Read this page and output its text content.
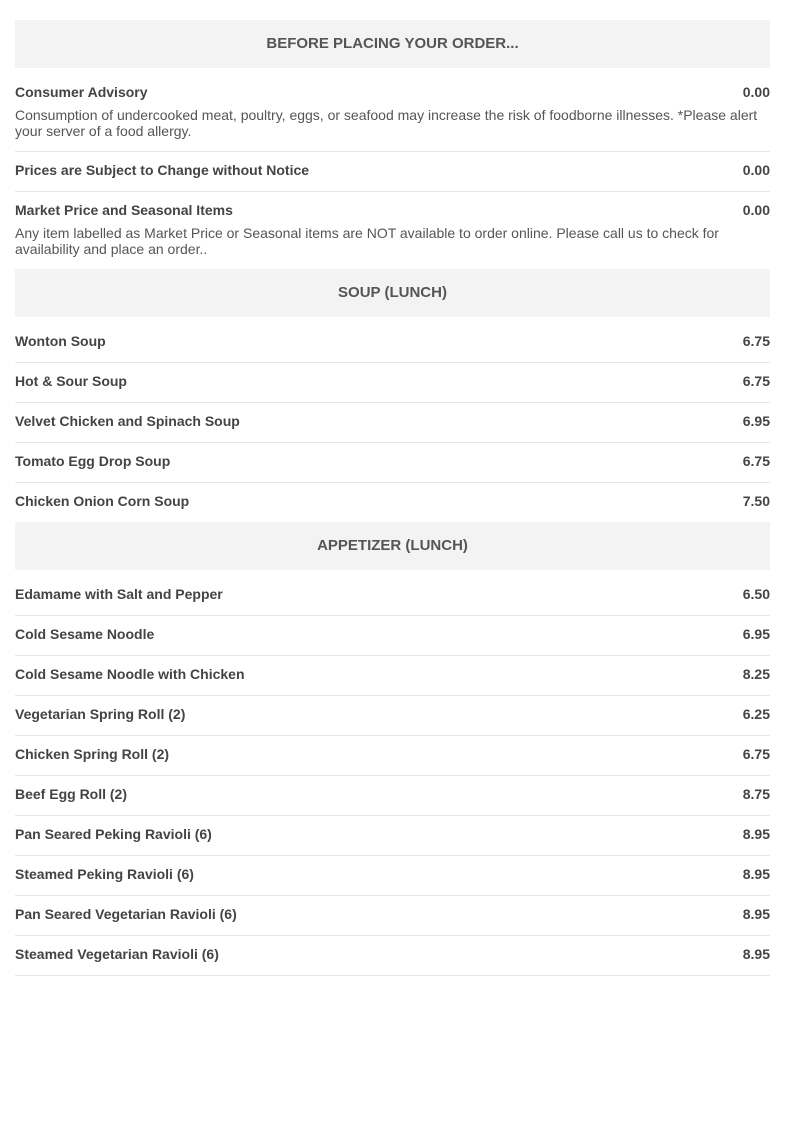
BEFORE PLACING YOUR ORDER...
Consumer Advisory	0.00
Consumption of undercooked meat, poultry, eggs, or seafood may increase the risk of foodborne illnesses. *Please alert your server of a food allergy.
Prices are Subject to Change without Notice	0.00
Market Price and Seasonal Items	0.00
Any item labelled as Market Price or Seasonal items are NOT available to order online. Please call us to check for availability and place an order..
SOUP (LUNCH)
Wonton Soup	6.75
Hot & Sour Soup	6.75
Velvet Chicken and Spinach Soup	6.95
Tomato Egg Drop Soup	6.75
Chicken Onion Corn Soup	7.50
APPETIZER (LUNCH)
Edamame with Salt and Pepper	6.50
Cold Sesame Noodle	6.95
Cold Sesame Noodle with Chicken	8.25
Vegetarian Spring Roll (2)	6.25
Chicken Spring Roll (2)	6.75
Beef Egg Roll (2)	8.75
Pan Seared Peking Ravioli (6)	8.95
Steamed Peking Ravioli (6)	8.95
Pan Seared Vegetarian Ravioli (6)	8.95
Steamed Vegetarian Ravioli (6)	8.95
